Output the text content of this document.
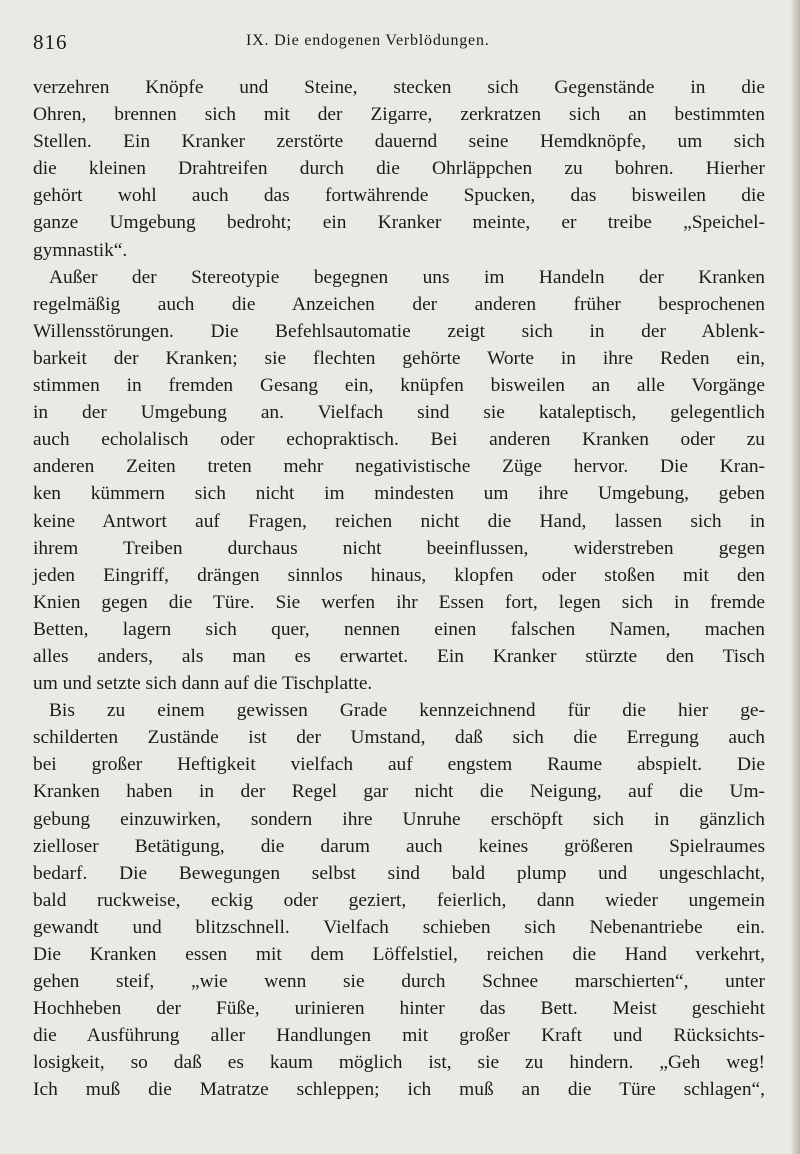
816	IX. Die endogenen Verblödungen.
verzehren Knöpfe und Steine, stecken sich Gegenstände in die
Ohren, brennen sich mit der Zigarre, zerkratzen sich an bestimmten
Stellen. Ein Kranker zerstörte dauernd seine Hemdknöpfe, um sich
die kleinen Drahtreifen durch die Ohrläppchen zu bohren. Hierher
gehört wohl auch das fortwährende Spucken, das bisweilen die
ganze Umgebung bedroht; ein Kranker meinte, er treibe „Speichel-
gymnastik“.
Außer der Stereotypie begegnen uns im Handeln der Kranken
regelmäßig auch die Anzeichen der anderen früher besprochenen
Willensstörungen. Die Befehlsautomatie zeigt sich in der Ablenk-
barkeit der Kranken; sie flechten gehörte Worte in ihre Reden ein,
stimmen in fremden Gesang ein, knüpfen bisweilen an alle Vorgänge
in der Umgebung an. Vielfach sind sie kataleptisch, gelegentlich
auch echolalisch oder echopraktisch. Bei anderen Kranken oder zu
anderen Zeiten treten mehr negativistische Züge hervor. Die Kran-
ken kümmern sich nicht im mindesten um ihre Umgebung, geben
keine Antwort auf Fragen, reichen nicht die Hand, lassen sich in
ihrem Treiben durchaus nicht beeinflussen, widerstreben gegen
jeden Eingriff, drängen sinnlos hinaus, klopfen oder stoßen mit den
Knien gegen die Türe. Sie werfen ihr Essen fort, legen sich in fremde
Betten, lagern sich quer, nennen einen falschen Namen, machen
alles anders, als man es erwartet. Ein Kranker stürzte den Tisch
um und setzte sich dann auf die Tischplatte.
Bis zu einem gewissen Grade kennzeichnend für die hier ge-
schilderten Zustände ist der Umstand, daß sich die Erregung auch
bei großer Heftigkeit vielfach auf engstem Raume abspielt. Die
Kranken haben in der Regel gar nicht die Neigung, auf die Um-
gebung einzuwirken, sondern ihre Unruhe erschöpft sich in gänzlich
zielloser Betätigung, die darum auch keines größeren Spielraumes
bedarf. Die Bewegungen selbst sind bald plump und ungeschlacht,
bald ruckweise, eckig oder geziert, feierlich, dann wieder ungemein
gewandt und blitzschnell. Vielfach schieben sich Nebenantriebe ein.
Die Kranken essen mit dem Löffelstiel, reichen die Hand verkehrt,
gehen steif, „wie wenn sie durch Schnee marschierten“, unter
Hochheben der Füße, urinieren hinter das Bett. Meist geschieht
die Ausführung aller Handlungen mit großer Kraft und Rücksichts-
losigkeit, so daß es kaum möglich ist, sie zu hindern. „Geh weg!
Ich muß die Matratze schleppen; ich muß an die Türe schlagen“,
